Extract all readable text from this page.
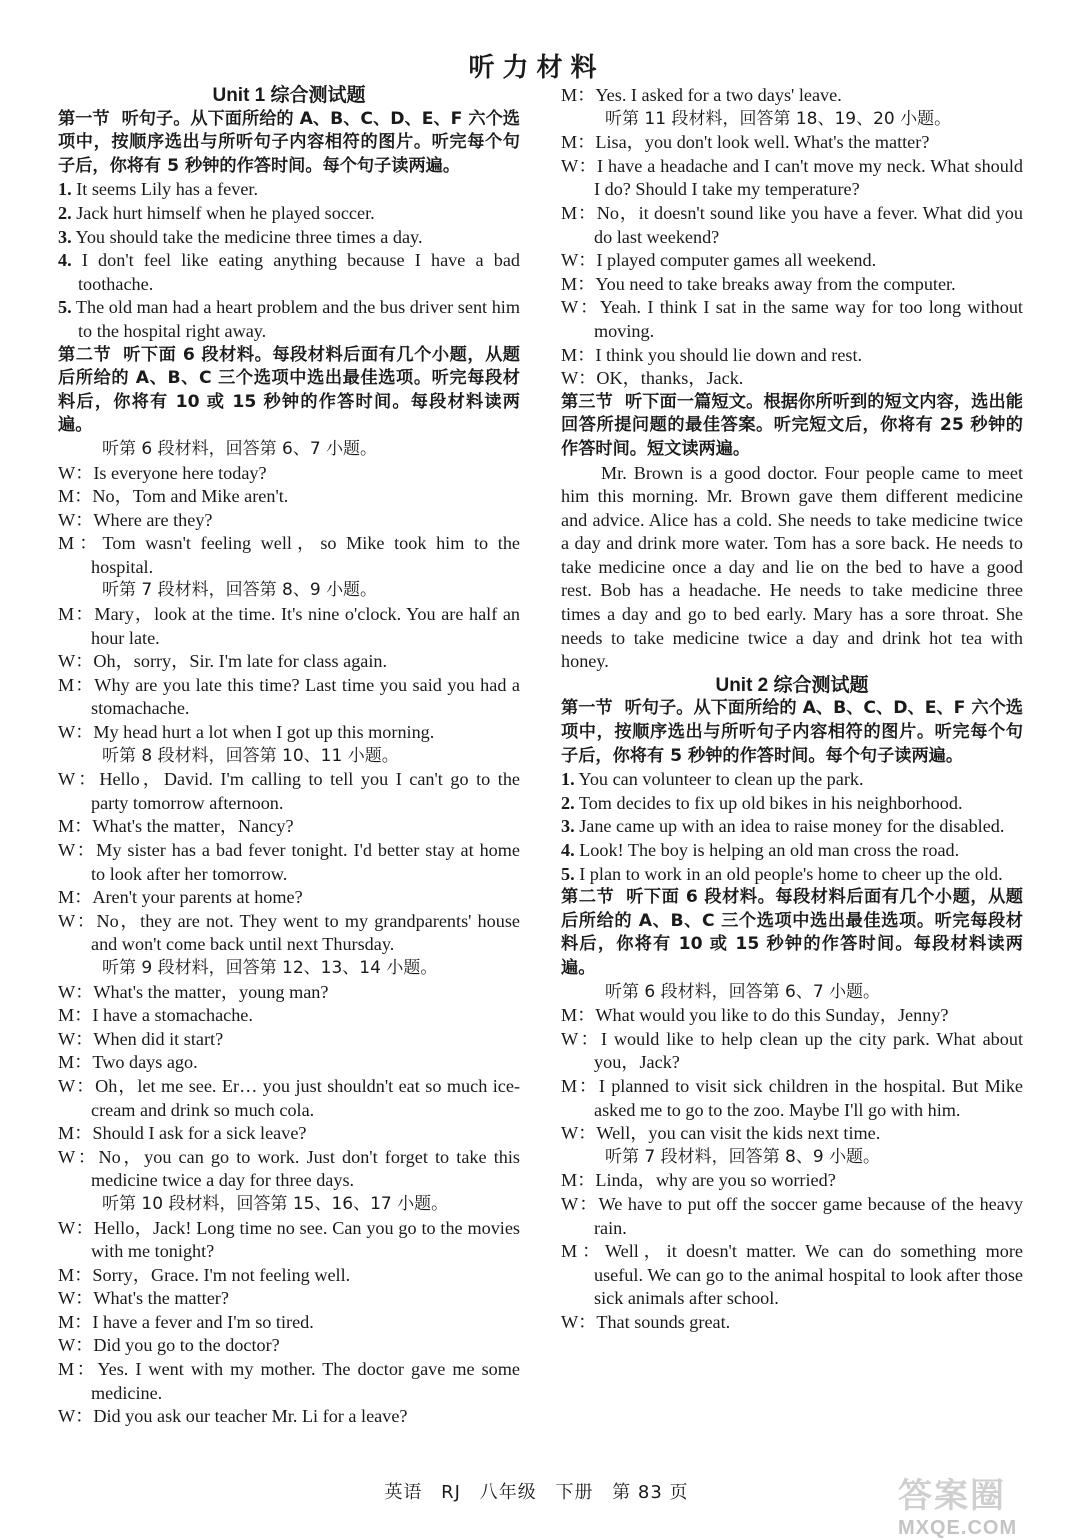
听力材料
Unit 1 综合测试题
第一节 听句子。从下面所给的 A、B、C、D、E、F 六个选项中，按顺序选出与所听句子内容相符的图片。听完每个句子后，你将有 5 秒钟的作答时间。每个句子读两遍。
1. It seems Lily has a fever.
2. Jack hurt himself when he played soccer.
3. You should take the medicine three times a day.
4. I don't feel like eating anything because I have a bad toothache.
5. The old man had a heart problem and the bus driver sent him to the hospital right away.
第二节 听下面 6 段材料。每段材料后面有几个小题，从题后所给的 A、B、C 三个选项中选出最佳选项。听完每段材料后，你将有 10 或 15 秒钟的作答时间。每段材料读两遍。
听第 6 段材料，回答第 6、7 小题。
W：Is everyone here today?
M：No，Tom and Mike aren't.
W：Where are they?
M：Tom wasn't feeling well，so Mike took him to the hospital.
听第 7 段材料，回答第 8、9 小题。
M：Mary，look at the time. It's nine o'clock. You are half an hour late.
W：Oh，sorry，Sir. I'm late for class again.
M：Why are you late this time? Last time you said you had a stomachache.
W：My head hurt a lot when I got up this morning.
听第 8 段材料，回答第 10、11 小题。
W：Hello，David. I'm calling to tell you I can't go to the party tomorrow afternoon.
M：What's the matter，Nancy?
W：My sister has a bad fever tonight. I'd better stay at home to look after her tomorrow.
M：Aren't your parents at home?
W：No，they are not. They went to my grandparents' house and won't come back until next Thursday.
听第 9 段材料，回答第 12、13、14 小题。
W：What's the matter，young man?
M：I have a stomachache.
W：When did it start?
M：Two days ago.
W：Oh，let me see. Er… you just shouldn't eat so much ice-cream and drink so much cola.
M：Should I ask for a sick leave?
W：No，you can go to work. Just don't forget to take this medicine twice a day for three days.
听第 10 段材料，回答第 15、16、17 小题。
W：Hello，Jack! Long time no see. Can you go to the movies with me tonight?
M：Sorry，Grace. I'm not feeling well.
W：What's the matter?
M：I have a fever and I'm so tired.
W：Did you go to the doctor?
M：Yes. I went with my mother. The doctor gave me some medicine.
W：Did you ask our teacher Mr. Li for a leave?
M：Yes. I asked for a two days' leave.
听第 11 段材料，回答第 18、19、20 小题。
M：Lisa，you don't look well. What's the matter?
W：I have a headache and I can't move my neck. What should I do? Should I take my temperature?
M：No，it doesn't sound like you have a fever. What did you do last weekend?
W：I played computer games all weekend.
M：You need to take breaks away from the computer.
W：Yeah. I think I sat in the same way for too long without moving.
M：I think you should lie down and rest.
W：OK，thanks，Jack.
第三节 听下面一篇短文。根据你所听到的短文内容，选出能回答所提问题的最佳答案。听完短文后，你将有 25 秒钟的作答时间。短文读两遍。
Mr. Brown is a good doctor. Four people came to meet him this morning. Mr. Brown gave them different medicine and advice. Alice has a cold. She needs to take medicine twice a day and drink more water. Tom has a sore back. He needs to take medicine once a day and lie on the bed to have a good rest. Bob has a headache. He needs to take medicine three times a day and go to bed early. Mary has a sore throat. She needs to take medicine twice a day and drink hot tea with honey.
Unit 2 综合测试题
第一节 听句子。从下面所给的 A、B、C、D、E、F 六个选项中，按顺序选出与所听句子内容相符的图片。听完每个句子后，你将有 5 秒钟的作答时间。每个句子读两遍。
1. You can volunteer to clean up the park.
2. Tom decides to fix up old bikes in his neighborhood.
3. Jane came up with an idea to raise money for the disabled.
4. Look! The boy is helping an old man cross the road.
5. I plan to work in an old people's home to cheer up the old.
第二节 听下面 6 段材料。每段材料后面有几个小题，从题后所给的 A、B、C 三个选项中选出最佳选项。听完每段材料后，你将有 10 或 15 秒钟的作答时间。每段材料读两遍。
听第 6 段材料，回答第 6、7 小题。
M：What would you like to do this Sunday，Jenny?
W：I would like to help clean up the city park. What about you，Jack?
M：I planned to visit sick children in the hospital. But Mike asked me to go to the zoo. Maybe I'll go with him.
W：Well，you can visit the kids next time.
听第 7 段材料，回答第 8、9 小题。
M：Linda，why are you so worried?
W：We have to put off the soccer game because of the heavy rain.
M：Well，it doesn't matter. We can do something more useful. We can go to the animal hospital to look after those sick animals after school.
W：That sounds great.
英语 RJ 八年级 下册 第 83 页	答案圈
MXQE.COM
